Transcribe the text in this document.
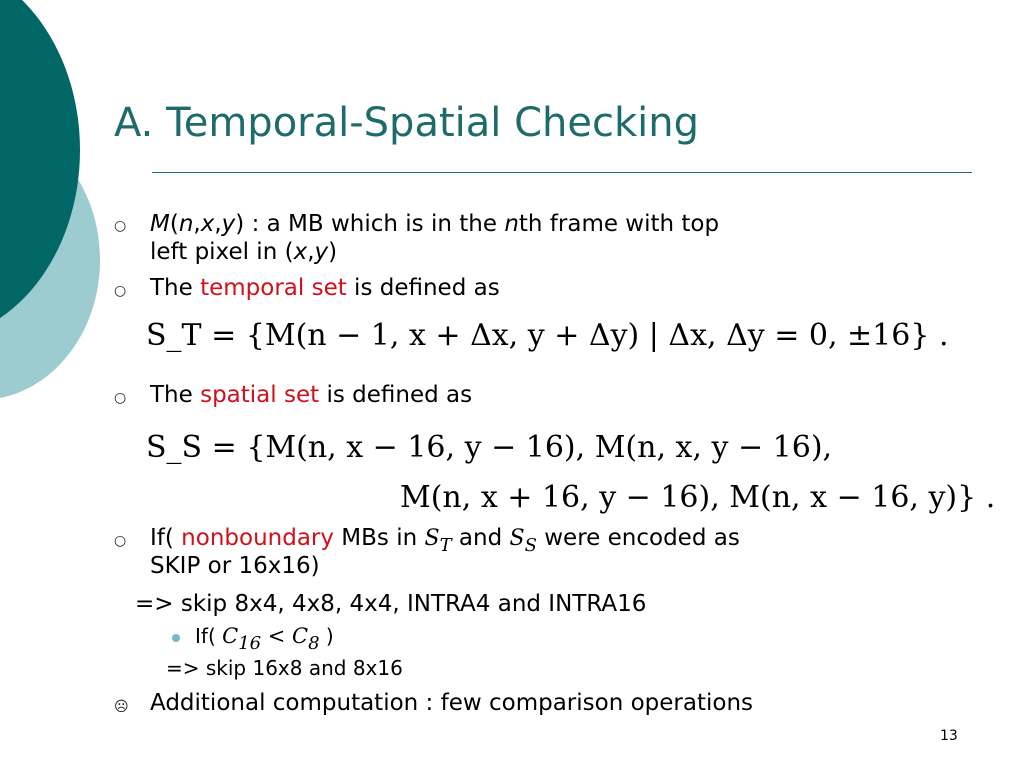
A. Temporal-Spatial Checking
○ M(n,x,y) : a MB which is in the nth frame with top
left pixel in (x,y)
○ The temporal set is defined as
S_T = {M(n − 1, x + Δx, y + Δy) | Δx, Δy = 0, ±16} .
○ The spatial set is defined as
S_S = {M(n, x − 16, y − 16), M(n, x, y − 16),
M(n, x + 16, y − 16), M(n, x − 16, y)} .
○ If( nonboundary MBs in $S_T$ and $S_S$ were encoded as
SKIP or 16x16)
=> skip 8x4, 4x8, 4x4, INTRA4 and INTRA16
If( C16 < C8 )
=> skip 16x8 and 8x16
☹ Additional computation : few comparison operations
13
